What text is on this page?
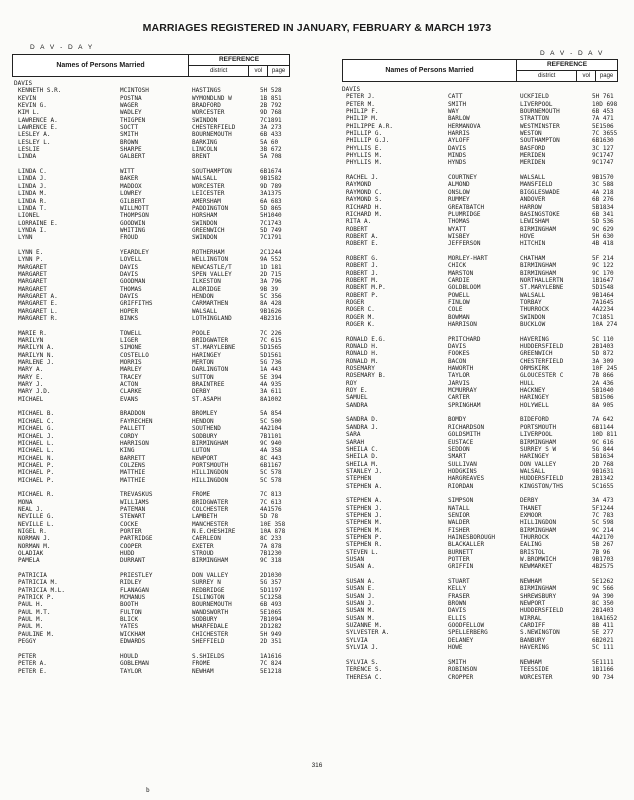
MARRIAGES REGISTERED IN JANUARY, FEBRUARY & MARCH 1973
D A V - D A Y
D A V - D A V
Names of Persons Married
REFERENCE
district	vol	page	Names of Persons Married
REFERENCE
district	vol	page
DAVIS
KENNETH S.R.	MCINTOSH	HASTINGS	5H 528
KEVIN	POSTNA	WYMONDLND W	1B 851
KEVIN G.	WAGER	BRADFORD	2B 792
KIM L.	WADLEY	WORCESTER	9D 768
LAWRENCE A.	THIGPEN	SWINDON	7C1891
LAWRENCE E.	SOCTT	CHESTERFIELD	3A 273
LESLEY A.	SMITH	BOURNEMOUTH	6B 433
LESLEY L.	BROWN	BARKING	5A 60
LESLIE	SHARPE	LINCOLN	3B 672
LINDA	GALBERT	BRENT	5A 708
LINDA C.	WITT	SOUTHAMPTON	6B1674
LINDA J.	BAKER	WALSALL	9B1582
LINDA J.	MADDOX	WORCESTER	9D 789
LINDA M.	LOWREY	LEICESTER	3A1375
LINDA R.	GILBERT	AMERSHAM	6A 683
LINDA T.	WILLMOTT	PADDINGTON	5D 865
LIONEL	THOMPSON	HORSHAM	5H1040
LORRAINE E.	GOODWIN	SWINDON	7C1743
LYNDA I.	WHITING	GREENWICH	5D 749
LYNN	FROUD	SWINDON	7C1791
LYNN E.	YEARDLEY	ROTHERHAM	2C1244
LYNN P.	LOVELL	WELLINGTON	9A 552
MARGARET	DAVIS	NEWCASTLE/T	1D 181
MARGARET	DAVIS	SPEN VALLEY	2D 715
MARGARET	GOODMAN	ILKESTON	3A 796
MARGARET	THOMAS	ALDRIDGE	9B 39
MARGARET A.	DAVIS	HENDON	5C 356
MARGARET E.	GRIFFITHS	CARMARTHEN	8A 428
MARGARET L.	HOPER	WALSALL	9B1626
MARGARET R.	BINKS	LOTHINGLAND	4B2316
MARIE R.	TOWELL	POOLE	7C 226
MARILYN	LIGER	BRIDGWATER	7C 615
MARILYN A.	SIMONE	ST.MARYLEBNE	5D1565
MARILYN N.	COSTELLO	HARINGEY	5D1561
MARLENE J.	MORRIS	MERTON	5G 736
MARY A.	MARLEY	DARLINGTON	1A 443
MARY E.	TRACEY	SUTTON	5E 394
MARY J.	ACTON	BRAINTREE	4A 935
MARY J.D.	CLARKE	DERBY	3A 611
MICHAEL	EVANS	ST.ASAPH	8A1002
MICHAEL B.	BRADDON	BROMLEY	5A 854
MICHAEL C.	FAYRECHEN	HENDON	5C 500
MICHAEL G.	PALLETT	SOUTHEND	4A2104
MICHAEL J.	CORDY	SODBURY	7B1101
MICHAEL L.	HARRISON	BIRMINGHAM	9C 940
MICHAEL L.	KING	LUTON	4A 358
MICHAEL N.	BARRETT	NEWPORT	8C 443
MICHAEL P.	COLZENS	PORTSMOUTH	6B1167
MICHAEL P.	MATTHIE	HILLINGDON	5C 578
MICHAEL P.	MATTHIE	HILLINGDON	5C 578
MICHAEL R.	TREVASKUS	FROME	7C 813
MONA	WILLIAMS	BRIDGWATER	7C 613
NEAL J.	PATEMAN	COLCHESTER	4A1576
NEVILLE G.	STEWART	LAMBETH	5D 78
NEVILLE L.	COCKE	MANCHESTER	10E 358
NIGEL R.	PORTER	N.E.CHESHIRE	10A 878
NORMAN J.	PARTRIDGE	CAERLEON	8C 233
NORMAN M.	COOPER	EXETER	7A 878
OLADIAK	HUDD	STROUD	7B1230
PAMELA	DURRANT	BIRMINGHAM	9C 318
PATRICIA	PRIESTLEY	DON VALLEY	2D1030
PATRICIA M.	RIDLEY	SURREY N	5G 357
PATRICIA M.L.	FLANAGAN	REDBRIDGE	5D1197
PATRICK P.	MCMANUS	ISLINGTON	5C1258
PAUL H.	BOOTH	BOURNEMOUTH	6B 493
PAUL M.T.	FULTON	WANDSWORTH	5E1065
PAUL M.	BLICK	SODBURY	7B1094
PAUL M.	YATES	WHARFEDALE	2D1282
PAULINE M.	WICKHAM	CHICHESTER	5H 949
PEGGY	EDWARDS	SHEFFIELD	2D 351
PETER	HOULD	S.SHIELDS	1A1616
PETER A.	GOBLEMAN	FROME	7C 824
PETER E.	TAYLOR	NEWHAM	5E1218
DAVIS
PETER J.	CATT	UCKFIELD	5H 761
PETER M.	SMITH	LIVERPOOL	10D 698
PHILIP F.	WAY	BOURNEMOUTH	6B 453
PHILIP M.	BARLOW	STRATTON	7A 471
PHILIPPE A.R.	HERMANOVA	WESTMINSTER	5E1506
PHILLIP G.	HARRIS	WESTON	7C 3655
PHILLIP G.J.	AYLOFF	SOUTHAMPTON	6B1630
PHYLLIS E.	DAVIS	BASFORD	3C 127
PHYLLIS M.	MINDS	MERIDEN	9C1747
PHYLLIS M.	HYNDS	MERIDEN	9C1747
RACHEL J.	COURTNEY	WALSALL	9B1570
RAYMOND	ALMOND	MANSFIELD	3C 588
RAYMOND C.	ONSLOW	BIGGLESWADE	4A 218
RAYMOND S.	RUMMEY	ANDOVER	6B 276
RICHARD H.	GREATBATCH	HARROW	5B1834
RICHARD M.	PLUMRIDGE	BASINGSTOKE	6B 341
RITA A.	THOMAS	LEWISHAM	5D 536
ROBERT	WYATT	BIRMINGHAM	9C 629
ROBERT A.	WISBEY	HOVE	5H 630
ROBERT E.	JEFFERSON	HITCHIN	4B 418
ROBERT G.	MORLEY-HART	CHATHAM	5F 214
ROBERT J.	CHICK	BIRMINGHAM	9C 122
ROBERT J.	MARSTON	BIRMINGHAM	9C 170
ROBERT M.	CARDIE	NORTHALLERTN	1B1647
ROBERT M.P.	GOLDBLOOM	ST.MARYLEBNE	5D1548
ROBERT P.	POWELL	WALSALL	9B1464
ROGER	FINLOW	TORBAY	7A1645
ROGER C.	COLE	THURROCK	4A2234
ROGER M.	BOWMAN	SWINDON	7C1851
ROGER K.	HARRISON	BUCKLOW	10A 274
RONALD E.G.	PRITCHARD	HAVERING	5C 110
RONALD H.	DAVIS	HUDDERSFIELD	2B1403
RONALD H.	FOOKES	GREENWICH	5D 872
RONALD M.	BACON	CHESTERFIELD	3A 309
ROSEMARY	HAWORTH	ORMSKIRK	10F 245
ROSEMARY B.	TAYLOR	GLOUCESTER C	7B 866
ROY	JARVIS	HULL	2A 436
ROY E.	MCMURRAY	HACKNEY	5B1040
SAMUEL	CARTER	HARINGEY	5B1506
SANDRA	SPRINGHAM	HOLYWELL	8A 905
SANDRA D.	BOMDY	BIDEFORD	7A 642
SANDRA J.	RICHARDSON	PORTSMOUTH	6B1144
SARA	GOLDSMITH	LIVERPOOL	10D 811
SARAH	EUSTACE	BIRMINGHAM	9C 616
SHEILA C.	SEDDON	SURREY S W	5G 844
SHEILA D.	SMART	HARINGEY	5B1634
SHEILA M.	SULLIVAN	DON VALLEY	2D 768
STANLEY J.	HODGKINS	WALSALL	9B1631
STEPHEN	HARGREAVES	HUDDERSFIELD	2B1342
STEPHEN A.	RIORDAN	KINGSTON/THS	5C1655
STEPHEN A.	SIMPSON	DERBY	3A 473
STEPHEN J.	NATALL	THANET	5F1244
STEPHEN J.	SENIOR	EXMOOR	7C 783
STEPHEN M.	WALDER	HILLINGDON	5C 598
STEPHEN M.	FISHER	BIRMINGHAM	9C 214
STEPHEN P.	HAINESBOROUGH	THURROCK	4A2170
STEPHEN R.	BLACKALLER	EALING	5B 267
STEVEN L.	BURNETT	BRISTOL	7B 96
SUSAN	POTTER	W.BROMWICH	9B1703
SUSAN A.	GRIFFIN	NEWMARKET	4B2575
SUSAN A.	STUART	NEWHAM	5E1262
SUSAN E.	KELLY	BIRMINGHAM	9C 566
SUSAN J.	FRASER	SHREWSBURY	9A 390
SUSAN J.	BROWN	NEWPORT	8C 350
SUSAN M.	DAVIS	HUDDERSFIELD	2B1403
SUSAN M.	ELLIS	WIRRAL	10A1652
SUZANNE M.	GOODFELLOW	CARDIFF	8B 411
SYLVESTER A.	SPELLERBERG	S.NEWINGTON	5E 277
SYLVIA	DELANEY	BANBURY	6B2021
SYLVIA J.	HOWE	HAVERING	5C 111
SYLVIA S.	SMITH	NEWHAM	5E1111
TERENCE S.	ROBINSON	TEESSIDE	1B1166
THERESA C.	CROPPER	WORCESTER	9D 734
316
b
